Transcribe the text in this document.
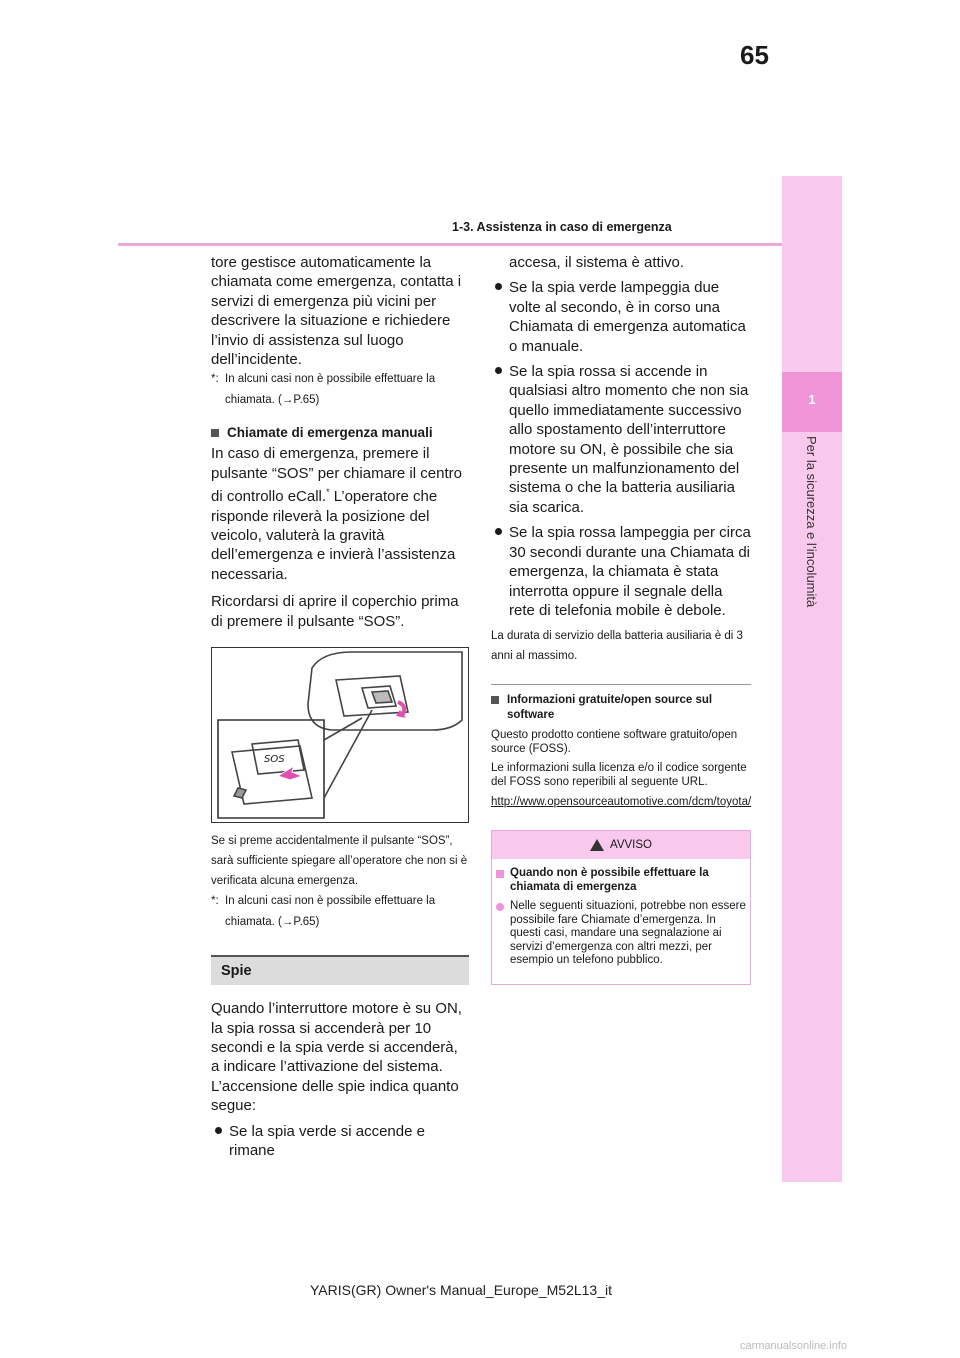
65
1-3. Assistenza in caso di emergenza
1
Per la sicurezza e l’incolumità

tore gestisce automaticamente la chiamata come emergenza, contatta i servizi di emergenza più vicini per descrivere la situazione e richiedere l’invio di assistenza sul luogo dell’incidente.

*: In alcuni casi non è possibile effettuare la chiamata. (→P.65)
Chiamate di emergenza manuali

In caso di emergenza, premere il pulsante “SOS” per chiamare il centro di controllo eCall.* L’operatore che risponde rileverà la posizione del veicolo, valuterà la gravità dell’emergenza e invierà l’assistenza necessaria.

Ricordarsi di aprire il coperchio prima di premere il pulsante “SOS”.

SOS

Se si preme accidentalmente il pulsante “SOS”, sarà sufficiente spiegare all’operatore che non si è verificata alcuna emergenza.

*: In alcuni casi non è possibile effettuare la chiamata. (→P.65)
Spie

Quando l’interruttore motore è su ON, la spia rossa si accenderà per 10 secondi e la spia verde si accenderà, a indicare l’attivazione del sistema. L’accensione delle spie indica quanto segue:

Se la spia verde si accende e rimane

accesa, il sistema è attivo.

Se la spia verde lampeggia due volte al secondo, è in corso una Chiamata di emergenza automatica o manuale.
Se la spia rossa si accende in qualsiasi altro momento che non sia quello immediatamente successivo allo spostamento dell’interruttore motore su ON, è possibile che sia presente un malfunzionamento del sistema o che la batteria ausiliaria sia scarica.
Se la spia rossa lampeggia per circa 30 secondi durante una Chiamata di emergenza, la chiamata è stata interrotta oppure il segnale della rete di telefonia mobile è debole.

La durata di servizio della batteria ausiliaria è di 3 anni al massimo.

Informazioni gratuite/open source sul software

Questo prodotto contiene software gratuito/open source (FOSS).

Le informazioni sulla licenza e/o il codice sorgente del FOSS sono reperibili al seguente URL.

http://www.opensourceautomotive.com/dcm/toyota/

AVVISO
Quando non è possibile effettuare la chiamata di emergenza
Nelle seguenti situazioni, potrebbe non essere possibile fare Chiamate d’emergenza. In questi casi, mandare una segnalazione ai servizi d’emergenza con altri mezzi, per esempio un telefono pubblico.
YARIS(GR) Owner's Manual_Europe_M52L13_it
carmanualsonline.info
